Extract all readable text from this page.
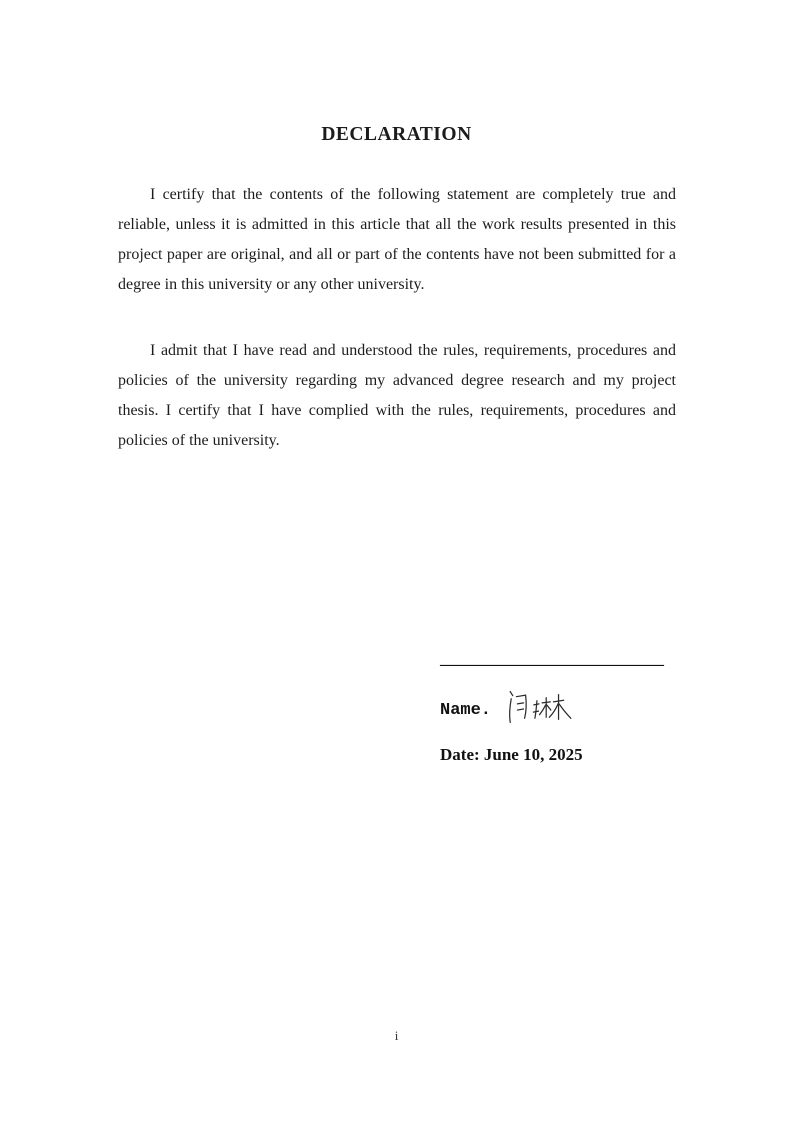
DECLARATION

I certify that the contents of the following statement are completely true and reliable, unless it is admitted in this article that all the work results presented in this project paper are original, and all or part of the contents have not been submitted for a degree in this university or any other university.

I admit that I have read and understood the rules, requirements, procedures and policies of the university regarding my advanced degree research and my project thesis. I certify that I have complied with the rules, requirements, procedures and policies of the university.

––––––––––––––––––––––––––––
Name.
Date: June 10, 2025
i
